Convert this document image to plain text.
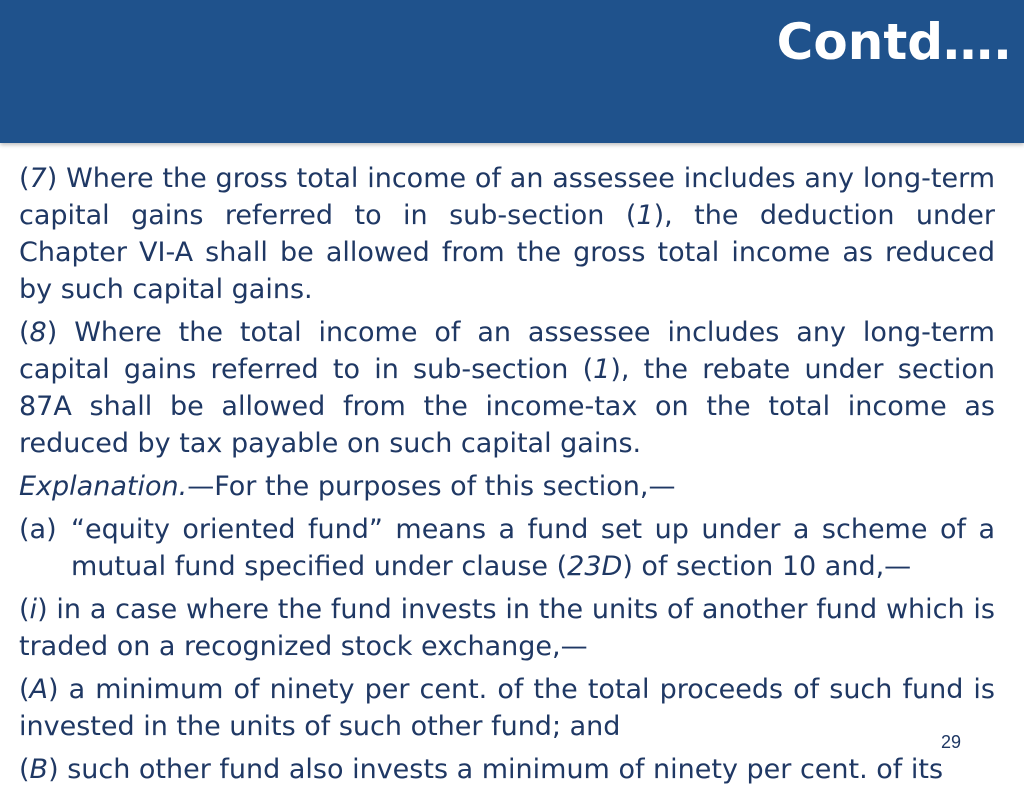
Contd….

(7) Where the gross total income of an assessee includes any long-term capital gains referred to in sub-section (1), the deduction under Chapter VI-A shall be allowed from the gross total income as reduced by such capital gains.

(8) Where the total income of an assessee includes any long-term capital gains referred to in sub-section (1), the rebate under section 87A shall be allowed from the income-tax on the total income as reduced by tax payable on such capital gains.

Explanation.—For the purposes of this section,—

(a) “equity oriented fund” means a fund set up under a scheme of a mutual fund specified under clause (23D) of section 10 and,—

(i) in a case where the fund invests in the units of another fund which is traded on a recognized stock exchange,—

(A) a minimum of ninety per cent. of the total proceeds of such fund is invested in the units of such other fund; and

(B) such other fund also invests a minimum of ninety per cent. of its

29
